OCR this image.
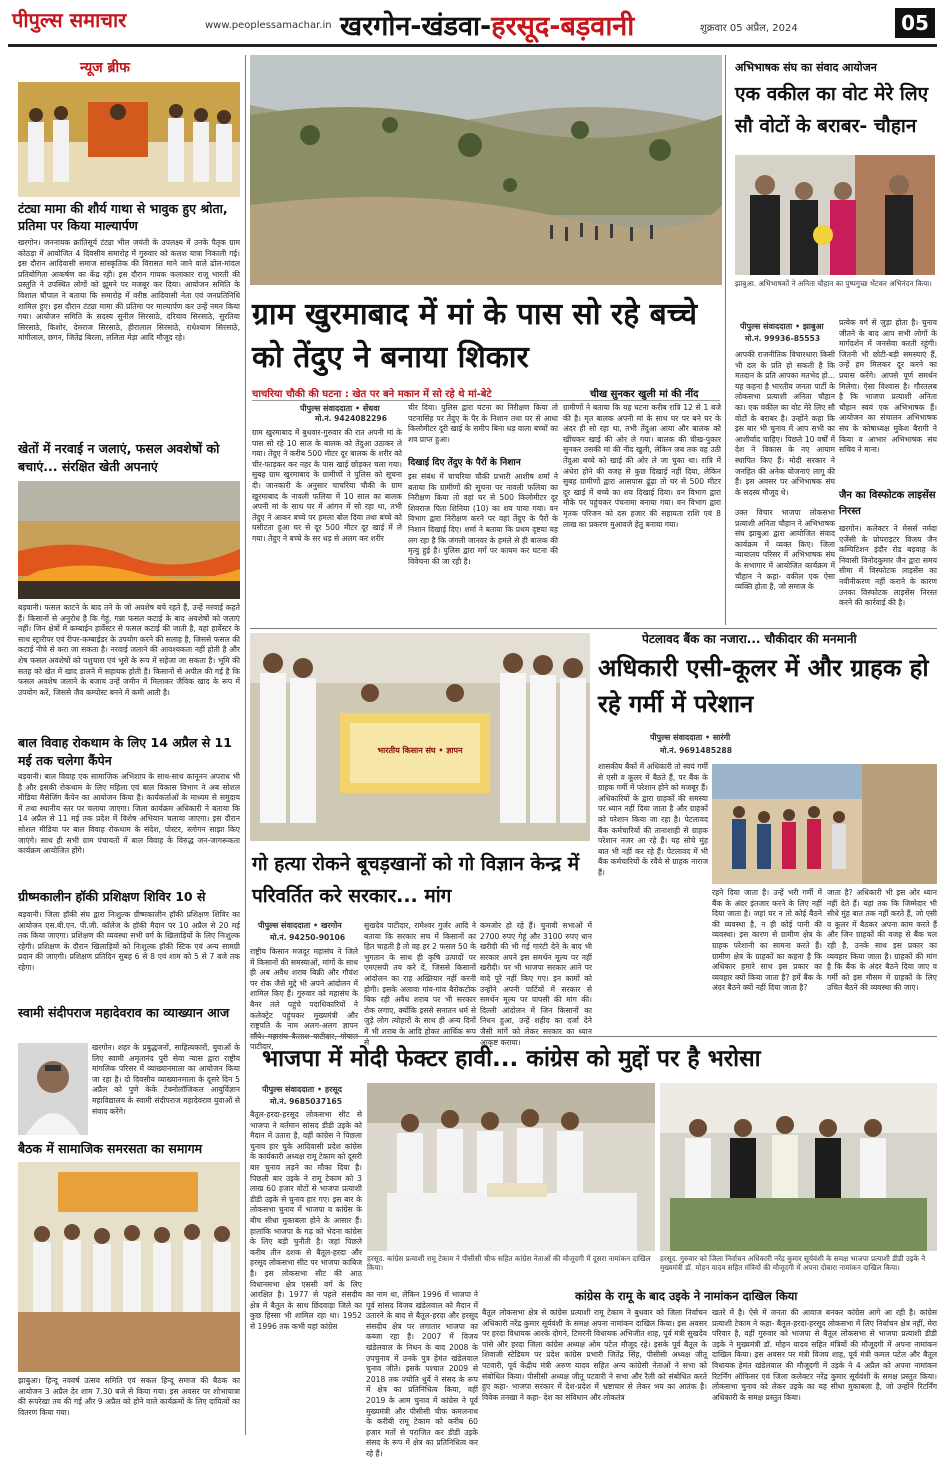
पीपुल्स समाचार	www.peoplessamachar.in खरगोन-खंडवा-हरसूद-बड़वानी	शुक्रवार 05 अप्रैल, 2024	05
न्यूज ब्रीफ
टंट्या मामा की शौर्य गाथा से भावुक हुए श्रोता, प्रतिमा पर किया माल्यार्पण
खरगोन। जननायक क्रांतिसूर्य टंट्या भील जयंती के उपलक्ष्य में उनके पैतृक ग्राम कोठड़ा में आयोजित 4 दिवसीय समारोह में गुरुवार को कलश यात्रा निकाली गई। इस दौरान आदिवासी समाज सांस्कृतिक की विरासत माने जाने वाले ढोल-मांदल प्रतियोगिता आकर्षण का केंद्र रही। इस दौरान गायक कलाकार राजू भारती की प्रस्तुति ने उपस्थित लोगों को झूमने पर मजबूर कर दिया। आयोजन समिति के विशाल चौपाल ने बताया कि समारोह में वरीष्ठ आदिवासी नेता एवं जनप्रतिनिधि शामिल हुए। इस दौरान टंट्या मामा की प्रतिमा पर माल्यार्पण कर उन्हें नमन किया गया। आयोजन समिति के सदस्य सुनील सिरसाठे, दरियाव सिरसाठे, सुरतिया सिरसाठे, किशोर, देमराज सिरसाठे, हीरालाल सिरसाठे, राधेश्याम सिरसाठे, मांगीलाल, छगन, जितेंद्र बिरला, ललिता मेड़ा आदि मौजूद रहे।
खेतों में नरवाई न जलाएं, फसल अवशेषों को बचाएं... संरक्षित खेती अपनाएं
बड़वानी। फसल काटने के बाद तने के जो अवशेष बचे रहते हैं, उन्हें नरवाई कहते हैं। किसानों से अनुरोध है कि गेहूं, गन्ना फसल कटाई के बाद अवशेषों को जलाएं नहीं। जिन क्षेत्रों में कम्बाईन हार्वेस्टर से फसल कटाई की जाती है, वहां हार्वेस्टर के साथ स्ट्रारीपर एवं रीपर-कम्बाईडर के उपयोग करने की सलाह है, जिससे फसल की कटाई नीचे से करा जा सकता है। नरवाई जलाने की आवश्यकता नहीं होती है और शेष फसल अवशेषों को पशुचारा एवं भूसे के रूप में सहेजा जा सकता है। भूमि की सतह को खेत में खाद डालने में सहायक होती है। किसानों से अपील की गई है कि फसल अवशेष जलाने के बजाय उन्हें जमीन में मिलाकर जैविक खाद के रूप में उपयोग करें, जिससे जैव कम्पोस्ट बनने में कमी आती है।
बाल विवाह रोकथाम के लिए 14 अप्रैल से 11 मई तक चलेगा कैंपेन
बड़वानी। बाल विवाह एक सामाजिक अभिशाप के साथ-साथ कानूनन अपराध भी है और इसकी रोकथाम के लिए महिला एवं बाल विकास विभाग ने अब सोशल मीडिया मैसेजिंग कैंपेन का आयोजन किया है। कार्यकर्ताओं के माध्यम से समुदाय में तथा स्थानीय स्तर पर चलाया जाएगा। जिला कार्यक्रम अधिकारी ने बताया कि 14 अप्रैल से 11 मई तक प्रदेश में विशेष अभियान चलाया जाएगा। इस दौरान सोशल मीडिया पर बाल विवाह रोकथाम के संदेश, पोस्टर, स्लोगन साझा किए जाएंगे। साथ ही सभी ग्राम पंचायतों में बाल विवाह के विरुद्ध जन-जागरूकता कार्यक्रम आयोजित होंगे।
ग्रीष्मकालीन हॉकी प्रशिक्षण शिविर 10 से
बड़वानी। जिला हॉकी संघ द्वारा निःशुल्क ग्रीष्मकालीन हॉकी प्रशिक्षण शिविर का आयोजन एस.बी.एन. पी.जी. कॉलेज के हॉकी मैदान पर 10 अप्रैल से 20 मई तक किया जाएगा। प्रशिक्षण की व्यवस्था सभी वर्ग के खिलाड़ियों के लिए निःशुल्क रहेगी। प्रशिक्षण के दौरान खिलाड़ियों को निःशुल्क हॉकी स्टिक एवं अन्य सामग्री प्रदान की जाएगी। प्रशिक्षण प्रतिदिन सुबह 6 से 8 एवं शाम को 5 से 7 बजे तक रहेगा।
स्वामी संदीपराज महादेवराव का व्याख्यान आज
खरगोन। शहर के प्रबुद्धजनों, साहित्यकारों, युवाओं के लिए स्वामी अमृतानंद पुरी सेवा न्यास द्वारा राष्ट्रीय मांगलिक परिसर में व्याख्यानमाला का आयोजन किया जा रहा है। दो दिवसीय व्याख्यानमाला के दूसरे दिन 5 अप्रैल को पुणे केके टेक्नोलॉजिकल आयुर्विज्ञान महाविद्यालय के स्वामी संदीपराज महादेवराव युवाओं से संवाद करेंगे।
बैठक में सामाजिक समरसता का समागम
झाबुआ। हिन्दू नववर्ष उत्सव समिति एवं सकल हिन्दू समाज की बैठक का आयोजन 3 अप्रैल देर शाम 7.30 बजे से किया गया। इस अवसर पर शोभायात्रा की रूपरेखा तय की गई और 9 अप्रैल को होने वाले कार्यक्रमों के लिए दायित्वों का वितरण किया गया।
ग्राम खुरमाबाद में मां के पास सो रहे बच्चे को तेंदुए ने बनाया शिकार
चाचरिया चौकी की घटना : खेत पर बने मकान में सो रहे थे मां-बेटे	चीख सुनकर खुली मां की नींद
पीपुल्स संवाददाता • सेंधवा
मो.नं. 9424082296
ग्राम खुरमाबाद में बुधवार-गुरुवार की रात अपनी मां के पास सो रहे 10 साल के बालक को तेंदुआ उठाकर ले गया। तेंदुए ने करीब 500 मीटर दूर बालक के शरीर को चीर-फाड़कर कर नहर के पास खाई छोड़कर चला गया। सुबह ग्राम खुरमाबाद के ग्रामीणों ने पुलिस को सूचना दी। जानकारी के अनुसार चाचरिया चौकी के ग्राम खुरमाबाद के नावली फलिया में 10 साल का बालक अपनी मां के साथ घर में आंगन में सो रहा था, तभी तेंदुए ने आकर बच्चे पर हमला बोल दिया तथा बच्चे को घसीटता हुआ घर से दूर 500 मीटर दूर खाई में ले गया। तेंदुए ने बच्चे के सर धड़ से अलग कर शरीर
चीर दिया। पुलिस द्वारा घटना का निरीक्षण किया तो पटनासिंह पर तेंदुए के पैर के निशान तथा घर से आधा किलोमीटर दूरी खाई के समीप बिना धड़ वाला बच्चों का शव प्राप्त हुआ।
दिखाई दिए तेंदुए के पैरों के निशान
इस संबंध में चाचरिया चौकी प्रभारी आशीष शर्मा ने बताया कि ग्रामीणों की सूचना पर नावली फलिया का निरीक्षण किया तो वहां घर से 500 किलोमीटर दूर शिवराज पिता शिनिया (10) का शव पाया गया। वन विभाग द्वारा निरीक्षण करने पर वहां तेंदुए के पैरों के निशान दिखाई दिए। शर्मा ने बताया कि प्रथम दृष्टया यह लग रहा है कि जंगली जानवर के हमले से ही बालक की मृत्यु हुई है। पुलिस द्वारा मर्ग पर कायम कर घटना की विवेचना की जा रही है।
ग्रामीणों ने बताया कि यह घटना करीब रात्रि 12 से 1 बजे की है। मृत बालक अपनी मां के साथ घर पर बने घर के अंदर ही सो रहा था, तभी तेंदुआ आया और बालक को खींचकर खाई की ओर ले गया। बालक की चीख-पुकार सुनकर उसकी मां की नींद खुली, लेकिन जब तक वह उठी तेंदुआ बच्चे को खाई की ओर ले जा चुका था। रात्रि में अंधेरा होने की वजह से कुछ दिखाई नहीं दिया, लेकिन सुबह ग्रामीणों द्वारा आसपास ढूंढ़ा तो घर से 500 मीटर दूर खाई में बच्चे का शव दिखाई दिया। वन विभाग द्वारा मौके पर पहुंचकर पंचनामा बनाया गया। वन विभाग द्वारा मृतक परिजन को दस हजार की सहायता राशि एवं 8 लाख का प्रकरण मुआवजे हेतु बनाया गया।
अभिभाषक संघ का संवाद आयोजन
एक वकील का वोट मेरे लिए सौ वोटों के बराबर- चौहान
झाबुआ. अभिभाषकों ने अनिता चौहान का पुष्पगुच्छ भेंटकर अभिनंदन किया।
पीपुल्स संवाददाता • झाबुआ
मो.नं. 99936-85553
आपकी राजनीतिक विचारधारा किसी भी दल के प्रति हो सकती है कि मतदान के प्रति आपका मतभेद हो... यह कहना है भारतीय जनता पार्टी के लोकसभा प्रत्याशी अनिता चौहान का। एक वकील का वोट मेरे लिए सौ वोटों के बराबर है। उन्होंने कहा कि इस बार भी चुनाव में आप सभी का आशीर्वाद चाहिए। पिछले 10 वर्षों में देश ने विकास के नए आयाम स्थापित किए हैं। मोदी सरकार ने जनहित की अनेक योजनाएं लागू की हैं। इस अवसर पर अभिभाषक संघ के सदस्य मौजूद थे।
उक्त विचार भाजपा लोकसभा प्रत्याशी अनिता चौहान ने अभिभाषक संघ झाबुआ द्वारा आयोजित संवाद कार्यक्रम में व्यक्त किए। जिला न्यायालय परिसर में अभिभाषक संघ के सभागार में आयोजित कार्यक्रम में चौहान ने कहा- वकील एक ऐसा व्यक्ति होता है, जो समाज के
प्रत्येक वर्ग से जुड़ा होता है। चुनाव जीतने के बाद आप सभी लोगों के मार्गदर्शन में जनसेवा करती रहूंगी। जितनी भी छोटी-बड़ी समस्याएं हैं, उन्हें हम मिलकर दूर करने का प्रयास करेंगे। आपसे पूर्ण समर्थन मिलेगा। ऐसा विश्वास है। गौरतलब है कि भाजपा प्रत्याशी अनिता चौहान स्वयं एक अभिभाषक हैं। आयोजन का संचालन अभिभाषक संघ के कोषाध्यक्ष मुकेश बैरागी ने किया व आभार अभिभाषक संघ सचिव ने माना।
जैन का विस्फोटक लाइसेंस निरस्त
खरगोन। कलेक्टर ने मेसर्स नर्मदा एजेंसी के प्रोपराइटर विजय जैन कम्पिटिशन इंदौर रोड बड़वाह के निवासी विनोदकुमार जैन द्वारा समय सीमा में विस्फोटक लाइसेंस का नवीनीकरण नहीं कराने के कारण उनका विस्फोटक लाइसेंस निरस्त करने की कार्रवाई की है।
पेटलावद बैंक का नजारा... चौकीदार की मनमानी
अधिकारी एसी-कूलर में और ग्राहक हो रहे गर्मी में परेशान
पीपुल्स संवाददाता • सारंगी
मो.नं. 9691485288
शासकीय बैंकों में अधिकारी तो स्वयं गर्मी से एसी व कूलर में बैठते हैं, पर बैंक के ग्राहक गर्मी में परेशान होने को मजबूर हैं। अधिकारियों के द्वारा ग्राहकों की समस्या पर ध्यान नहीं दिया जाता है और ग्राहकों को परेशान किया जा रहा है। पेटलावद बैंक कर्मचारियों की तानाशाही से ग्राहक परेशान नजर आ रहे हैं। यह सोचे मुंह बात भी नहीं कर रहे हैं। पेटलावद में भी बैंक कर्मचारियों के रवैये से ग्राहक नाराज हैं।
रहने दिया जाता है। उन्हें भरी गर्मी में बैंक के अंदर इंतजार करने के लिए नहीं दिया जाता है। जहां घर न तो कोई बैठने की व्यवस्था है, न ही कोई पानी की व्यवस्था। इस कारण से ग्रामीण क्षेत्र के ग्राहक परेशानी का सामना करते हैं। ग्रामीण क्षेत्र के ग्राहकों का कहना है कि अधिकार हमारे साथ इस प्रकार का व्यवहार क्यों किया जाता है? हमें बैंक के अंदर बैठने क्यों नहीं दिया जाता है?
जाता है? अधिकारी भी इस ओर ध्यान नहीं देते हैं। यहां तक कि जिम्मेदार भी सीधे मुंह बात तक नहीं करते हैं, जो एसी व कूलर में बैठकर अपना काम करते हैं और जिन ग्राहकों की वजह से बैंक चल रही है, उनके साथ इस प्रकार का व्यवहार किया जाता है। ग्राहकों की मांग है कि बैंक के अंदर बैठने दिया जाए व गर्मी को इस मौसम में ग्राहकों के लिए उचित बैठने की व्यवस्था की जाए।
भारतीय किसान संघ • ज्ञापन
गो हत्या रोकने बूचड़खानों को गो विज्ञान केन्द्र में परिवर्तित करे सरकार... मांग
पीपुल्स संवाददाता • खरगोन
मो.नं. 94250-90106
राष्ट्रीय किसान मजदूर महासंघ ने जिले में किसानों की समस्याओं, मांगों के साथ ही अब अवैध शराब बिक्री और गौवंश पर रोक जैसे मुद्दे भी अपने आंदोलन में शामिल किए हैं। गुरुवार को महासंघ के बैनर तले पहुंचे पदाधिकारियों ने कलेक्ट्रेट पहुंचकर मुख्यमंत्री और राष्ट्रपति के नाम अलग-अलग ज्ञापन पाटीदार,
सुखदेव पाटीदार, रामेश्वर गुर्जर आदि ने बताया कि सरकार सच में किसानों का हित चाहती है तो वह हर 2 फसल 50 के भुगतान के साथ ही कृषि उत्पादों पर एमएसपी तय करे दें, जिससे किसानों आंदोलन का राह अख्तियार नहीं करनी होगी। इसके अलावा गांव-गांव बैरोकटोक बिक रही अवैध शराब पर भी सरकार रोक लगाए, क्योंकि इससे सनातन धर्म से जुड़े लोग त्योहारों के साथ ही अन्य दिनों में भी शराब के आदि होकर आर्थिक रूप से
कमजोर हो रहे हैं। चुनावी सभाओं में 2700 रुपए गेहूं और 3100 रुपए धान खरीदी की भी गई गारंटी देने के बाद भी सरकार अपने इस समर्थन मूल्य पर नहीं खरीदी। पर भी भाजपा सरकार आने पर वादे पूरे नहीं किए गए। इन कामों को उन्होंने अपनी पार्टियों में सरकार से समर्थन मूल्य पर वापसी की मांग की। दिल्ली आंदोलन में जिन किसानों का निधन हुआ, उन्हें शहीद का दर्जा देने जैसी मांगें को लेकर सरकार का ध्यान आकृष्ट कराया।
भाजपा में मोदी फेक्टर हावी... कांग्रेस को मुद्दों पर है भरोसा
पीपुल्स संवाददाता • हरसूद
मो.नं. 9685037165
बैतूल-हरदा-हरसूद लोकसभा सीट से भाजपा ने वर्तमान सांसद डीडी उइके को मैदान में उतारा है, वहीं कांग्रेस ने पिछला चुनाव हार चुके आदिवासी प्रदेश कांग्रेस के कार्यकारी अध्यक्ष रामू टेकाम को दूसरी बार चुनाव लड़ने का मौका दिया है। पिछली बार उइके ने रामू टेकाम को 3 लाख 60 हजार वोटों से भाजपा प्रत्याशी डीडी उइके से चुनाव हार गए। इस बार के लोकसभा चुनाव में भाजपा व कांग्रेस के बीच सीधा मुकाबला होने के आसार हैं। हालांकि भाजपा के गढ़ को भेदना कांग्रेस के लिए बड़ी चुनौती है। जहां पिछले करीब तीन दशक से बैतूल-हरदा और हरसूद लोकसभा सीट पर भाजपा काबिज है। इस लोकसभा सीट की आठ विधानसभा क्षेत्र एससी वर्ग के लिए आरक्षित है। 1977 से पहले संसदीय क्षेत्र में बैतूल के साथ छिंदवाड़ा जिले का कुछ हिस्सा भी शामिल रहा था। 1952 से 1996 तक कभी यहां कांग्रेस
का नाम था, लेकिन 1996 में भाजपा ने पूर्व सांसद विजय खंडेलवाल को मैदान में उतारने के बाद से बैतूल-हरदा और हरसूद संसदीय क्षेत्र पर लगातार भाजपा का कब्जा रहा है। 2007 में विजय खंडेलवाल के निधन के बाद 2008 के उपचुनाव में उनके पुत्र हेमंत खंडेलवाल चुनाव जीते। इसके पश्चात 2009 से 2018 तक ज्योति धुर्वे ने संसद के रूप में क्षेत्र का प्रतिनिधित्व किया, वहीं 2019 के आम चुनाव में कांग्रेस ने पूर्व मुख्यमंत्री और पीसीसी चीफ कमलनाथ के करीबी रामू टेकाम को करीब 60 हजार मतों से पराजित कर डीडी उइके संसद के रूप में क्षेत्र का प्रतिनिधित्व कर रहे हैं।
हरसूद. कांग्रेस प्रत्याशी रामू टेकाम ने पीसीसी चीफ सहित कांग्रेस नेताओं की मौजूदगी में दूसरा नामांकन दाखिल किया।
हरसूद. गुरुवार को जिला निर्वाचन अधिकारी नरेंद्र कुमार सूर्यवंशी के समक्ष भाजपा प्रत्याशी डीडी उइके ने मुख्यमंत्री डॉ. मोहन यादव सहित मंत्रियों की मौजूदगी में अपना दोबारा नामांकन दाखिल किया।
कांग्रेस के रामू के बाद उइके ने नामांकन दाखिल किया
बैतूल लोकसभा क्षेत्र से कांग्रेस प्रत्याशी रामू टेकाम ने बुधवार को जिला निर्वाचन अधिकारी नरेंद्र कुमार सूर्यवंशी के समक्ष अपना नामांकन दाखिल किया। इस अवसर पर हरदा विधायक आरके दोगने, टिमरनी विधायक अभिजीत शाह, पूर्व मंत्री सुखदेव पांसे और हरदा जिला कांग्रेस अध्यक्ष ओम पटेल मौजूद रहे। इसके पूर्व बैतूल के शिवाजी स्टेडियम पर प्रदेश कांग्रेस प्रभारी जितेंद्र सिंह, पीसीसी अध्यक्ष जीतू पटवारी, पूर्व केंद्रीय मंत्री अरुण यादव सहित अन्य कांग्रेसी नेताओं ने सभा को संबोधित किया। पीसीसी अध्यक्ष जीतू पटवारी ने सभा और रैली को संबोधित करते हुए कहा- भाजपा सरकार में देश-प्रदेश में भ्रष्टाचार से लेकर भय का आतंक है। विवेक तनखा ने कहा- देश का संविधान और लोकतंत्र
खतरे में है। ऐसे में जनता की आवाज बनकर कांग्रेस आगे आ रही है। कांग्रेस प्रत्याशी टेकाम ने कहा- बैतूल-हरदा-हरसूद लोकसभा में लिए निर्वाचन क्षेत्र नहीं, मेरा परिवार है, वहीं गुरुवार को भाजपा से बैतूल लोकसभा से भाजपा प्रत्याशी डीडी उइके ने मुख्यमंत्री डॉ. मोहन यादव सहित मंत्रियों की मौजूदगी में अपना नामांकन दाखिल किया। इस अवसर पर मंत्री विजय शाह, पूर्व मंत्री कमल पटेल और बैतूल विधायक हेमंत खंडेलवाल की मौजूदगी में उइके ने 4 अप्रैल को अपना नामांकन रिटर्निंग ऑफिसर एवं जिला कलेक्टर नरेंद्र कुमार सूर्यवंशी के समक्ष प्रस्तुत किया। लोकसभा चुनाव को लेकर उइके का यह सीधा मुकाबला है, जो उन्होंने रिटर्निंग अधिकारी के समक्ष प्रस्तुत किया।
